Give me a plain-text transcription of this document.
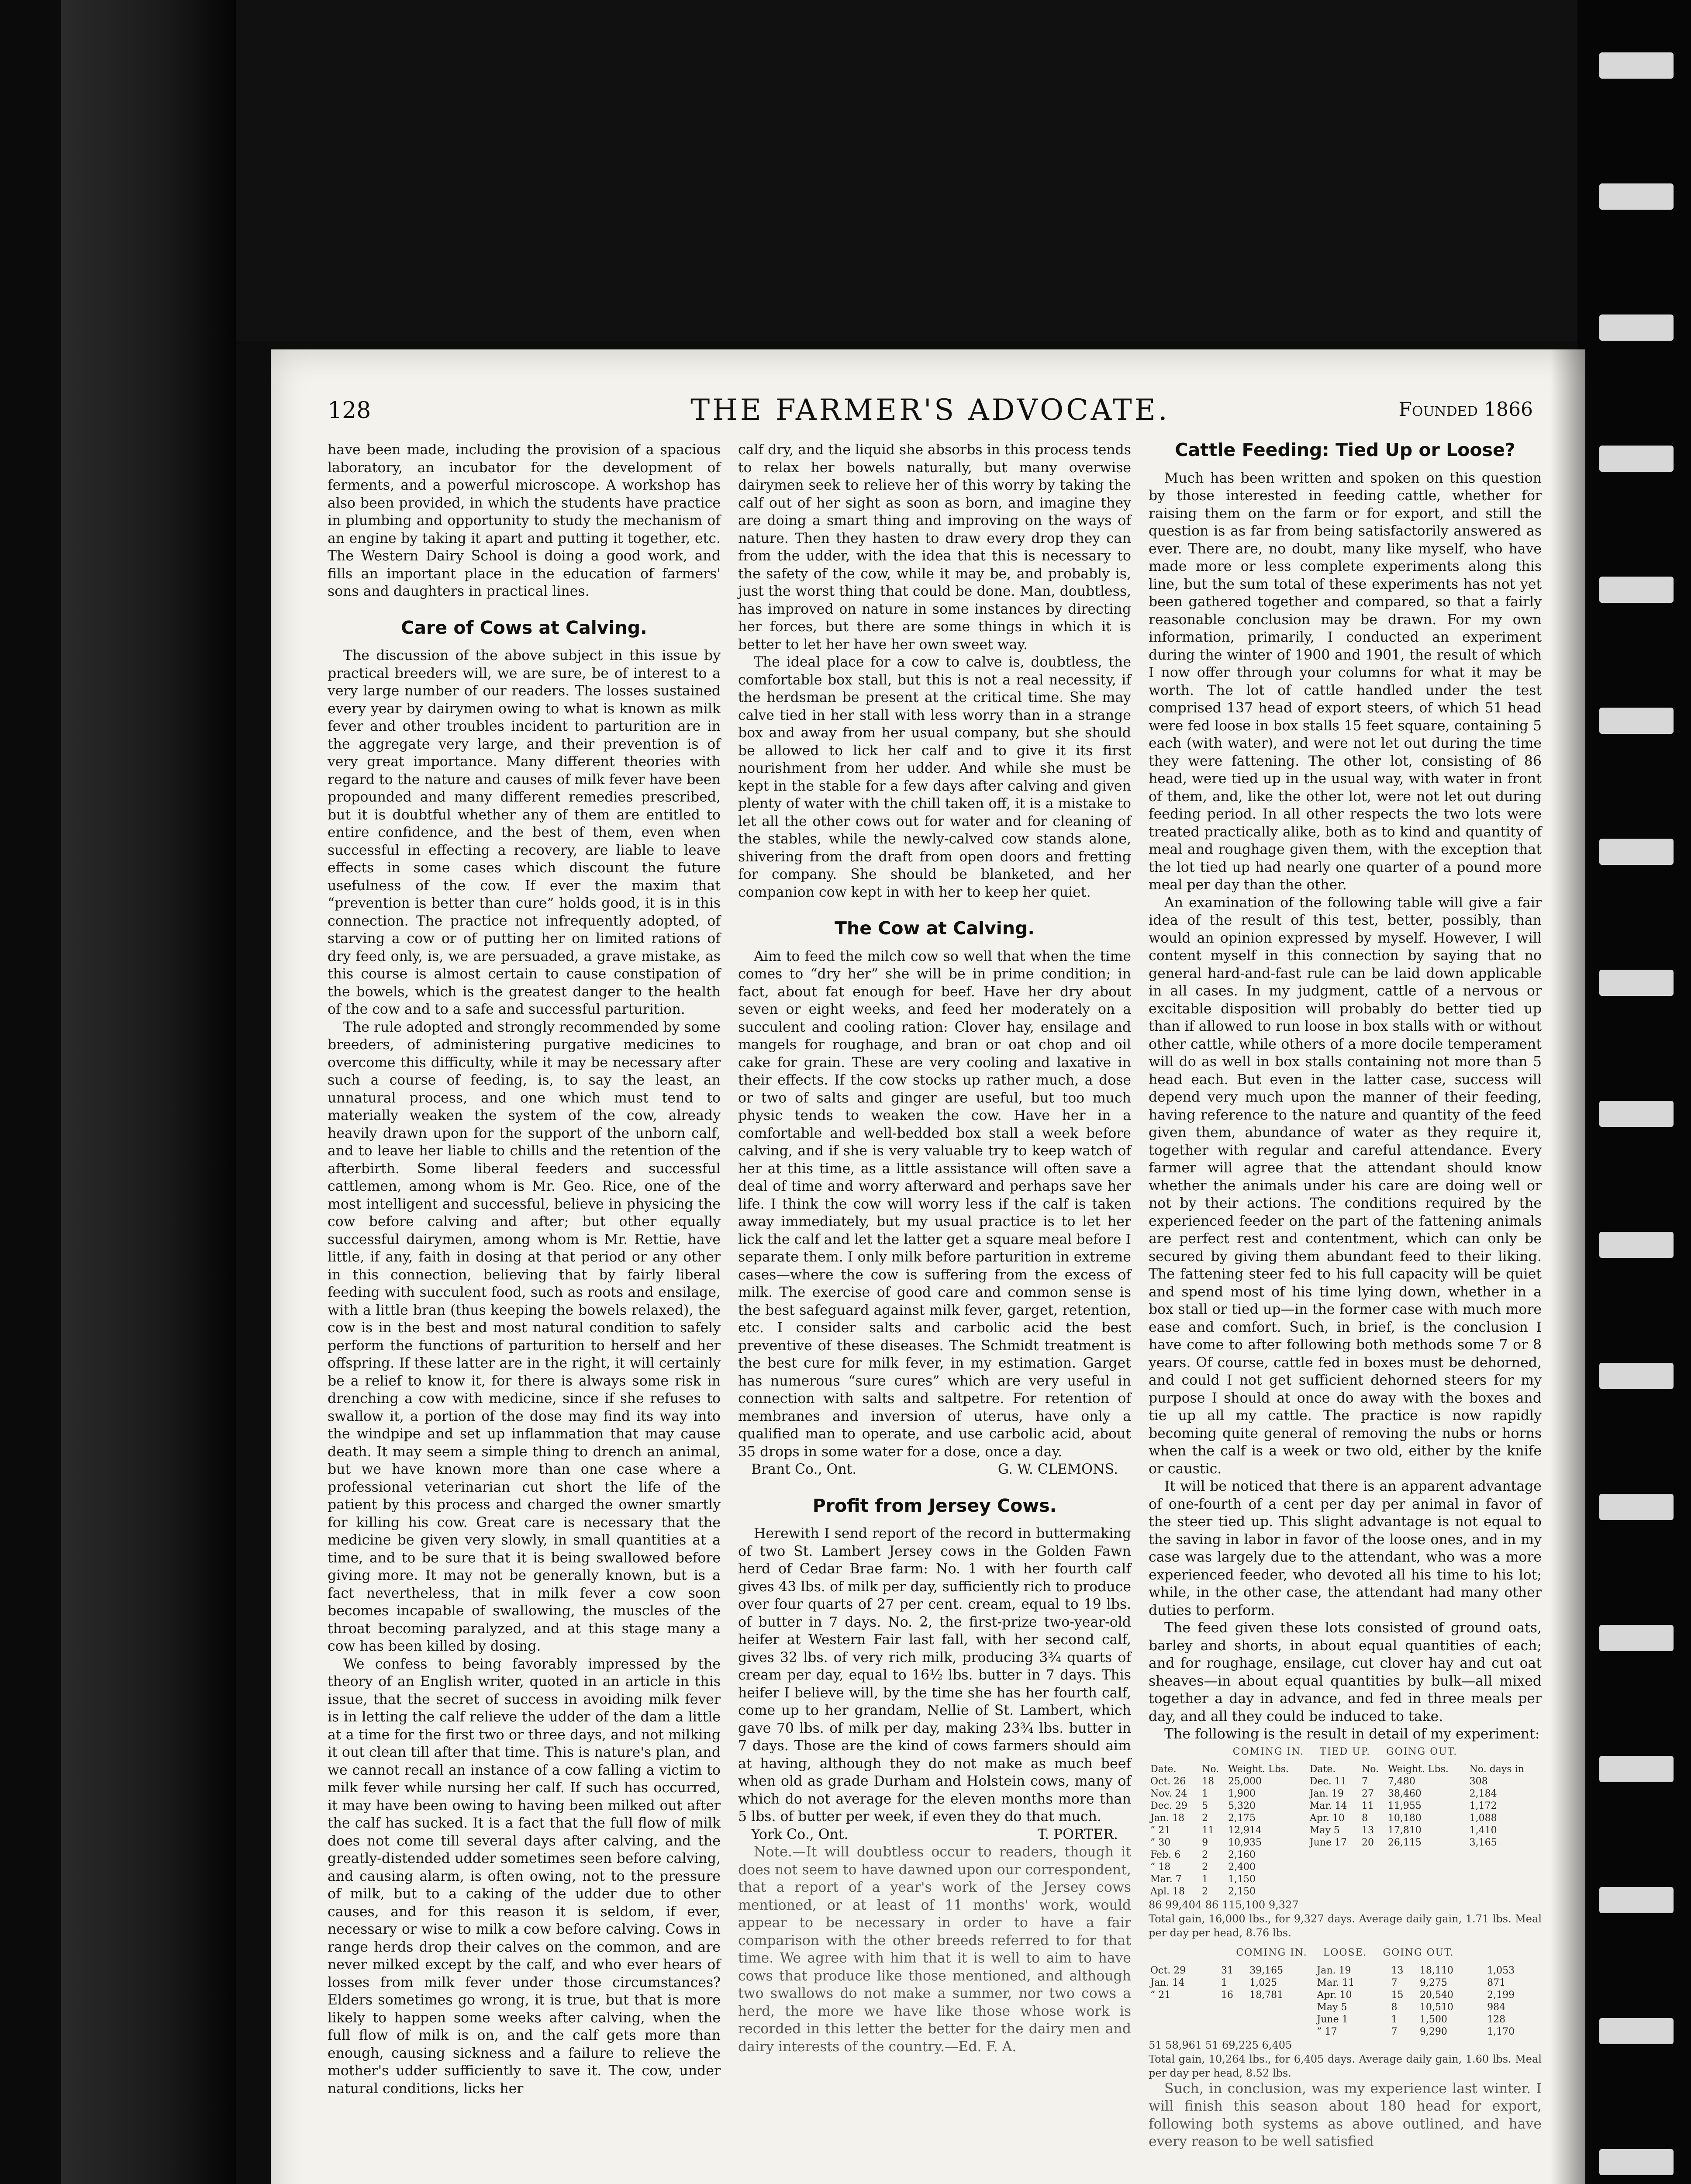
128	THE FARMER'S ADVOCATE.	Founded 1866

have been made, including the provision of a spacious laboratory, an incubator for the development of ferments, and a powerful microscope. A workshop has also been provided, in which the students have practice in plumbing and opportunity to study the mechanism of an engine by taking it apart and putting it together, etc. The Western Dairy School is doing a good work, and fills an important place in the education of farmers' sons and daughters in practical lines.

Care of Cows at Calving.

The discussion of the above subject in this issue by practical breeders will, we are sure, be of interest to a very large number of our readers. The losses sustained every year by dairymen owing to what is known as milk fever and other troubles incident to parturition are in the aggregate very large, and their prevention is of very great importance. Many different theories with regard to the nature and causes of milk fever have been propounded and many different remedies prescribed, but it is doubtful whether any of them are entitled to entire confidence, and the best of them, even when successful in effecting a recovery, are liable to leave effects in some cases which discount the future usefulness of the cow. If ever the maxim that “prevention is better than cure” holds good, it is in this connection. The practice not infrequently adopted, of starving a cow or of putting her on limited rations of dry feed only, is, we are persuaded, a grave mistake, as this course is almost certain to cause constipation of the bowels, which is the greatest danger to the health of the cow and to a safe and successful parturition.

The rule adopted and strongly recommended by some breeders, of administering purgative medicines to overcome this difficulty, while it may be necessary after such a course of feeding, is, to say the least, an unnatural process, and one which must tend to materially weaken the system of the cow, already heavily drawn upon for the support of the unborn calf, and to leave her liable to chills and the retention of the afterbirth. Some liberal feeders and successful cattlemen, among whom is Mr. Geo. Rice, one of the most intelligent and successful, believe in physicing the cow before calving and after; but other equally successful dairymen, among whom is Mr. Rettie, have little, if any, faith in dosing at that period or any other in this connection, believing that by fairly liberal feeding with succulent food, such as roots and ensilage, with a little bran (thus keeping the bowels relaxed), the cow is in the best and most natural condition to safely perform the functions of parturition to herself and her offspring. If these latter are in the right, it will certainly be a relief to know it, for there is always some risk in drenching a cow with medicine, since if she refuses to swallow it, a portion of the dose may find its way into the windpipe and set up inflammation that may cause death. It may seem a simple thing to drench an animal, but we have known more than one case where a professional veterinarian cut short the life of the patient by this process and charged the owner smartly for killing his cow. Great care is necessary that the medicine be given very slowly, in small quantities at a time, and to be sure that it is being swallowed before giving more. It may not be generally known, but is a fact nevertheless, that in milk fever a cow soon becomes incapable of swallowing, the muscles of the throat becoming paralyzed, and at this stage many a cow has been killed by dosing.

We confess to being favorably impressed by the theory of an English writer, quoted in an article in this issue, that the secret of success in avoiding milk fever is in letting the calf relieve the udder of the dam a little at a time for the first two or three days, and not milking it out clean till after that time. This is nature's plan, and we cannot recall an instance of a cow falling a victim to milk fever while nursing her calf. If such has occurred, it may have been owing to having been milked out after the calf has sucked. It is a fact that the full flow of milk does not come till several days after calving, and the greatly-distended udder sometimes seen before calving, and causing alarm, is often owing, not to the pressure of milk, but to a caking of the udder due to other causes, and for this reason it is seldom, if ever, necessary or wise to milk a cow before calving. Cows in range herds drop their calves on the common, and are never milked except by the calf, and who ever hears of losses from milk fever under those circumstances? Elders sometimes go wrong, it is true, but that is more likely to happen some weeks after calving, when the full flow of milk is on, and the calf gets more than enough, causing sickness and a failure to relieve the mother's udder sufficiently to save it. The cow, under natural conditions, licks her

calf dry, and the liquid she absorbs in this process tends to relax her bowels naturally, but many overwise dairymen seek to relieve her of this worry by taking the calf out of her sight as soon as born, and imagine they are doing a smart thing and improving on the ways of nature. Then they hasten to draw every drop they can from the udder, with the idea that this is necessary to the safety of the cow, while it may be, and probably is, just the worst thing that could be done. Man, doubtless, has improved on nature in some instances by directing her forces, but there are some things in which it is better to let her have her own sweet way.

The ideal place for a cow to calve is, doubtless, the comfortable box stall, but this is not a real necessity, if the herdsman be present at the critical time. She may calve tied in her stall with less worry than in a strange box and away from her usual company, but she should be allowed to lick her calf and to give it its first nourishment from her udder. And while she must be kept in the stable for a few days after calving and given plenty of water with the chill taken off, it is a mistake to let all the other cows out for water and for cleaning of the stables, while the newly-calved cow stands alone, shivering from the draft from open doors and fretting for company. She should be blanketed, and her companion cow kept in with her to keep her quiet.

The Cow at Calving.

Aim to feed the milch cow so well that when the time comes to “dry her” she will be in prime condition; in fact, about fat enough for beef. Have her dry about seven or eight weeks, and feed her moderately on a succulent and cooling ration: Clover hay, ensilage and mangels for roughage, and bran or oat chop and oil cake for grain. These are very cooling and laxative in their effects. If the cow stocks up rather much, a dose or two of salts and ginger are useful, but too much physic tends to weaken the cow. Have her in a comfortable and well-bedded box stall a week before calving, and if she is very valuable try to keep watch of her at this time, as a little assistance will often save a deal of time and worry afterward and perhaps save her life. I think the cow will worry less if the calf is taken away immediately, but my usual practice is to let her lick the calf and let the latter get a square meal before I separate them. I only milk before parturition in extreme cases—where the cow is suffering from the excess of milk. The exercise of good care and common sense is the best safeguard against milk fever, garget, retention, etc. I consider salts and carbolic acid the best preventive of these diseases. The Schmidt treatment is the best cure for milk fever, in my estimation. Garget has numerous “sure cures” which are very useful in connection with salts and saltpetre. For retention of membranes and inversion of uterus, have only a qualified man to operate, and use carbolic acid, about 35 drops in some water for a dose, once a day.

Brant Co., Ont.	G. W. CLEMONS.
Profit from Jersey Cows.

Herewith I send report of the record in buttermaking of two St. Lambert Jersey cows in the Golden Fawn herd of Cedar Brae farm: No. 1 with her fourth calf gives 43 lbs. of milk per day, sufficiently rich to produce over four quarts of 27 per cent. cream, equal to 19 lbs. of butter in 7 days. No. 2, the first-prize two-year-old heifer at Western Fair last fall, with her second calf, gives 32 lbs. of very rich milk, producing 3¾ quarts of cream per day, equal to 16½ lbs. butter in 7 days. This heifer I believe will, by the time she has her fourth calf, come up to her grandam, Nellie of St. Lambert, which gave 70 lbs. of milk per day, making 23¾ lbs. butter in 7 days. Those are the kind of cows farmers should aim at having, although they do not make as much beef when old as grade Durham and Holstein cows, many of which do not average for the eleven months more than 5 lbs. of butter per week, if even they do that much.

York Co., Ont.	T. PORTER.

Note.—It will doubtless occur to readers, though it does not seem to have dawned upon our correspondent, that a report of a year's work of the Jersey cows mentioned, or at least of 11 months' work, would appear to be necessary in order to have a fair comparison with the other breeds referred to for that time. We agree with him that it is well to aim to have cows that produce like those mentioned, and although two swallows do not make a summer, nor two cows a herd, the more we have like those whose work is recorded in this letter the better for the dairy men and dairy interests of the country.—Ed. F. A.

Cattle Feeding: Tied Up or Loose?

Much has been written and spoken on this question by those interested in feeding cattle, whether for raising them on the farm or for export, and still the question is as far from being satisfactorily answered as ever. There are, no doubt, many like myself, who have made more or less complete experiments along this line, but the sum total of these experiments has not yet been gathered together and compared, so that a fairly reasonable conclusion may be drawn. For my own information, primarily, I conducted an experiment during the winter of 1900 and 1901, the result of which I now offer through your columns for what it may be worth. The lot of cattle handled under the test comprised 137 head of export steers, of which 51 head were fed loose in box stalls 15 feet square, containing 5 each (with water), and were not let out during the time they were fattening. The other lot, consisting of 86 head, were tied up in the usual way, with water in front of them, and, like the other lot, were not let out during feeding period. In all other respects the two lots were treated practically alike, both as to kind and quantity of meal and roughage given them, with the exception that the lot tied up had nearly one quarter of a pound more meal per day than the other.

An examination of the following table will give a fair idea of the result of this test, better, possibly, than would an opinion expressed by myself. However, I will content myself in this connection by saying that no general hard-and-fast rule can be laid down applicable in all cases. In my judgment, cattle of a nervous or excitable disposition will probably do better tied up than if allowed to run loose in box stalls with or without other cattle, while others of a more docile temperament will do as well in box stalls containing not more than 5 head each. But even in the latter case, success will depend very much upon the manner of their feeding, having reference to the nature and quantity of the feed given them, abundance of water as they require it, together with regular and careful attendance. Every farmer will agree that the attendant should know whether the animals under his care are doing well or not by their actions. The conditions required by the experienced feeder on the part of the fattening animals are perfect rest and contentment, which can only be secured by giving them abundant feed to their liking. The fattening steer fed to his full capacity will be quiet and spend most of his time lying down, whether in a box stall or tied up—in the former case with much more ease and comfort. Such, in brief, is the conclusion I have come to after following both methods some 7 or 8 years. Of course, cattle fed in boxes must be dehorned, and could I not get sufficient dehorned steers for my purpose I should at once do away with the boxes and tie up all my cattle. The practice is now rapidly becoming quite general of removing the nubs or horns when the calf is a week or two old, either by the knife or caustic.

It will be noticed that there is an apparent advantage of one-fourth of a cent per day per animal in favor of the steer tied up. This slight advantage is not equal to the saving in labor in favor of the loose ones, and in my case was largely due to the attendant, who was a more experienced feeder, who devoted all his time to his lot; while, in the other case, the attendant had many other duties to perform.

The feed given these lots consisted of ground oats, barley and shorts, in about equal quantities of each; and for roughage, ensilage, cut clover hay and cut oat sheaves—in about equal quantities by bulk—all mixed together a day in advance, and fed in three meals per day, and all they could be induced to take.

The following is the result in detail of my experiment:

COMING IN. TIED UP. GOING OUT.
Date.	No.	Weight. Lbs.	Date.	No.	Weight. Lbs.	No. days in
Oct. 26	18	25,000	Dec. 11	7	7,480	308
Nov. 24	1	1,900	Jan. 19	27	38,460	2,184
Dec. 29	5	5,320	Mar. 14	11	11,955	1,172
Jan. 18	2	2,175	Apr. 10	8	10,180	1,088
” 21	11	12,914	May 5	13	17,810	1,410
” 30	9	10,935	June 17	20	26,115	3,165
Feb. 6	2	2,160				
” 18	2	2,400				
Mar. 7	1	1,150				
Apl. 18	2	2,150				
86 99,404 86 115,100 9,327
Total gain, 16,000 lbs., for 9,327 days. Average daily gain, 1.71 lbs. Meal per day per head, 8.76 lbs.
COMING IN. LOOSE. GOING OUT.
Oct. 29	31	39,165	Jan. 19	13	18,110	1,053
Jan. 14	1	1,025	Mar. 11	7	9,275	871
” 21	16	18,781	Apr. 10	15	20,540	2,199
			May 5	8	10,510	984
			June 1	1	1,500	128
			” 17	7	9,290	1,170
51 58,961 51 69,225 6,405
Total gain, 10,264 lbs., for 6,405 days. Average daily gain, 1.60 lbs. Meal per day per head, 8.52 lbs.

Such, in conclusion, was my experience last winter. I will finish this season about 180 head for export, following both systems as above outlined, and have every reason to be well satisfied
